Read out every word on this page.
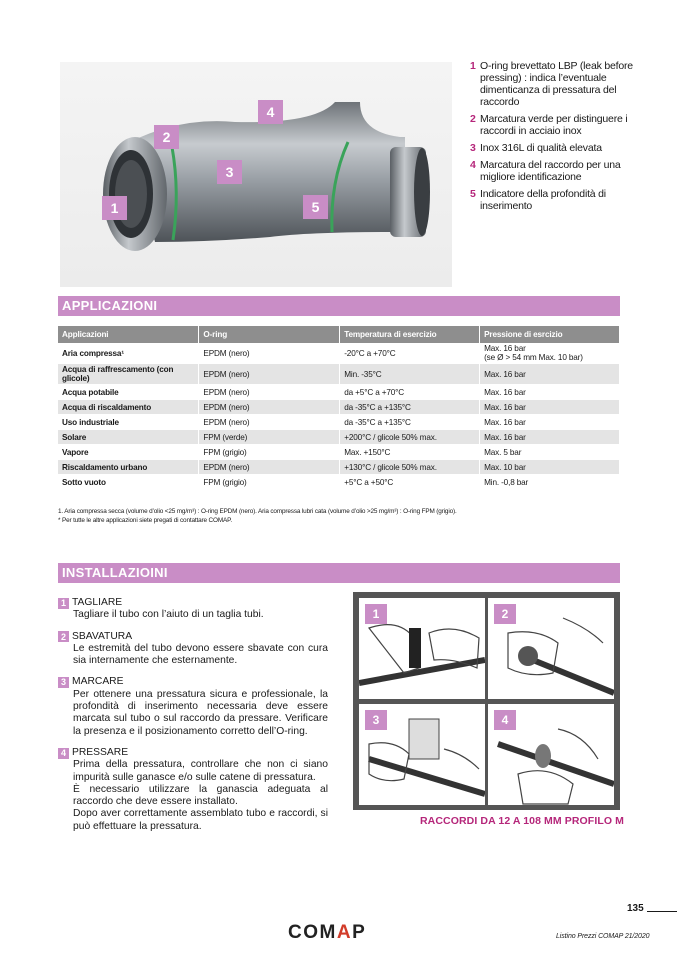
1
2
3
4
5
1 O-ring brevettato LBP (leak before pressing) : indica l’eventuale dimenticanza di pressatura del raccordo
2 Marcatura verde per distinguere i raccordi in acciaio inox
3 Inox 316L di qualità elevata
4 Marcatura del raccordo per una migliore identificazione
5 Indicatore della profondità di inserimento
APPLICAZIONI
Applicazioni	O-ring	Temperatura di esercizio	Pressione di esrcizio
Aria compressa¹	EPDM (nero)	-20°C a +70°C	Max. 16 bar
(se Ø > 54 mm Max. 10 bar)

Acqua di raffrescamento (con glicole)	EPDM (nero)	Min. -35°C	Max. 16 bar
Acqua potabile	EPDM (nero)	da +5°C a +70°C	Max. 16 bar
Acqua di riscaldamento	EPDM (nero)	da -35°C a +135°C	Max. 16 bar
Uso industriale	EPDM (nero)	da -35°C a +135°C	Max. 16 bar
Solare	FPM (verde)	+200°C / glicole 50% max.	Max. 16 bar
Vapore	FPM (grigio)	Max. +150°C	Max. 5 bar
Riscaldamento urbano	EPDM (nero)	+130°C / glicole 50% max.	Max. 10 bar
Sotto vuoto	FPM (grigio)	+5°C a +50°C	Min. -0,8 bar
1. Aria compressa secca (volume d’olio <25 mg/m³) : O-ring EPDM (nero). Aria compressa lubri cata (volume d’olio >25 mg/m³) : O-ring FPM (grigio).
* Per tutte le altre applicazioni siete pregati di contattare COMAP.
INSTALLAZIOINI
1 TAGLIARE

Tagliare il tubo con l’aiuto di un taglia tubi.

2 SBAVATURA

Le estremità del tubo devono essere sbavate con cura sia internamente che esternamente.

3 MARCARE

Per ottenere una pressatura sicura e professionale, la profondità di inserimento necessaria deve essere marcata sul tubo o sul raccordo da pressare. Verificare la presenza e il posizionamento corretto dell’O-ring.

4 PRESSARE

Prima della pressatura, controllare che non ci siano impurità sulle ganasce e/o sulle catene di pressatura.

È necessario utilizzare la ganascia adeguata al raccordo che deve essere installato.

Dopo aver correttamente assemblato tubo e raccordi, si può effettuare la pressatura.

1	2
3	4
RACCORDI DA 12 A 108 MM PROFILO M
135
COMAP	Listino Prezzi COMAP 21/2020
